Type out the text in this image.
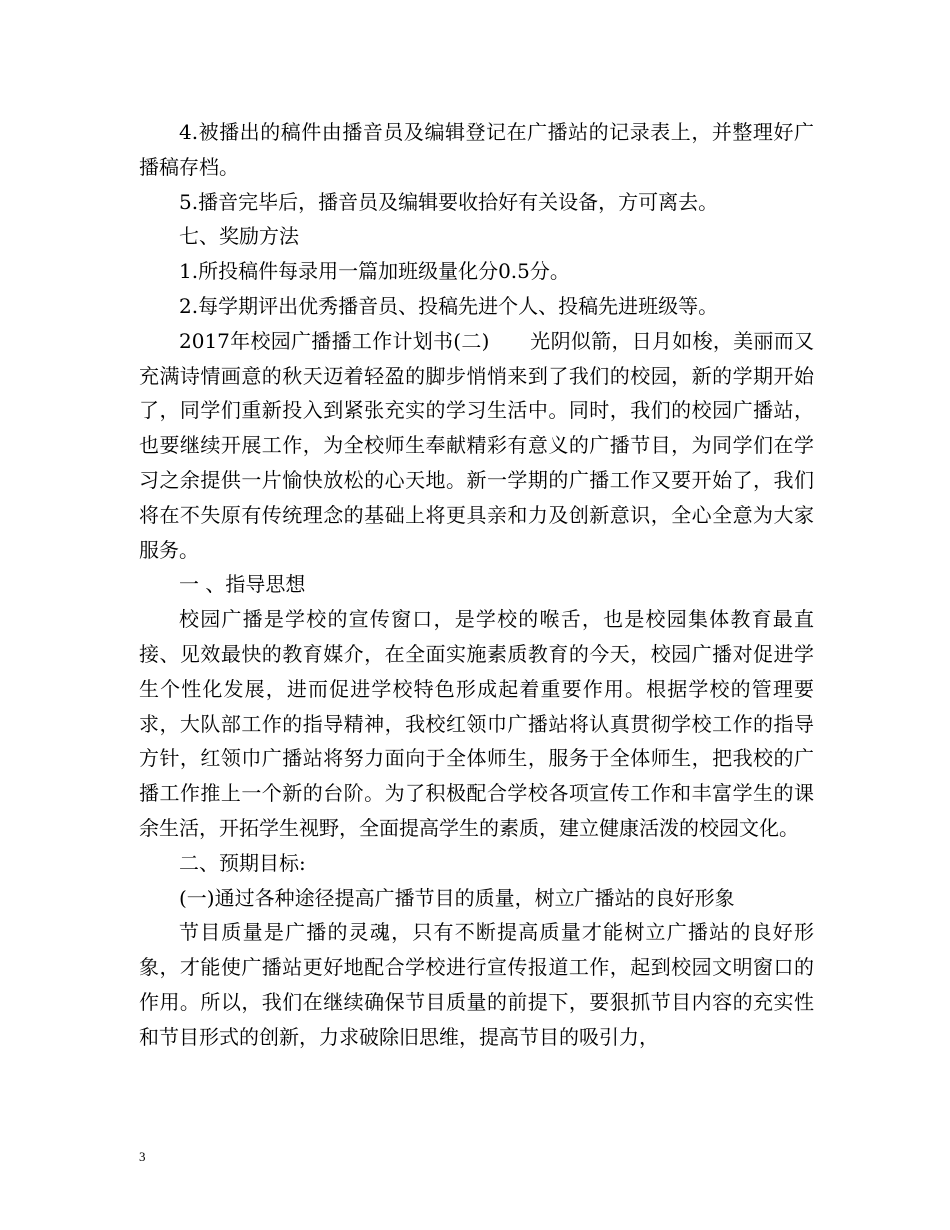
4.被播出的稿件由播音员及编辑登记在广播站的记录表上，并整理好广播稿存档。

5.播音完毕后，播音员及编辑要收拾好有关设备，方可离去。

七、奖励方法

1.所投稿件每录用一篇加班级量化分0.5分。

2.每学期评出优秀播音员、投稿先进个人、投稿先进班级等。

2017年校园广播播工作计划书(二)　　光阴似箭，日月如梭，美丽而又充满诗情画意的秋天迈着轻盈的脚步悄悄来到了我们的校园，新的学期开始了，同学们重新投入到紧张充实的学习生活中。同时，我们的校园广播站，也要继续开展工作，为全校师生奉献精彩有意义的广播节目，为同学们在学习之余提供一片愉快放松的心天地。新一学期的广播工作又要开始了，我们将在不失原有传统理念的基础上将更具亲和力及创新意识，全心全意为大家服务。

一 、指导思想

校园广播是学校的宣传窗口，是学校的喉舌，也是校园集体教育最直接、见效最快的教育媒介，在全面实施素质教育的今天，校园广播对促进学生个性化发展，进而促进学校特色形成起着重要作用。根据学校的管理要求，大队部工作的指导精神，我校红领巾广播站将认真贯彻学校工作的指导方针，红领巾广播站将努力面向于全体师生，服务于全体师生，把我校的广播工作推上一个新的台阶。为了积极配合学校各项宣传工作和丰富学生的课余生活，开拓学生视野，全面提高学生的素质，建立健康活泼的校园文化。

二、预期目标:

(一)通过各种途径提高广播节目的质量，树立广播站的良好形象

节目质量是广播的灵魂，只有不断提高质量才能树立广播站的良好形象，才能使广播站更好地配合学校进行宣传报道工作，起到校园文明窗口的作用。所以，我们在继续确保节目质量的前提下，要狠抓节目内容的充实性和节目形式的创新，力求破除旧思维，提高节目的吸引力，

3
